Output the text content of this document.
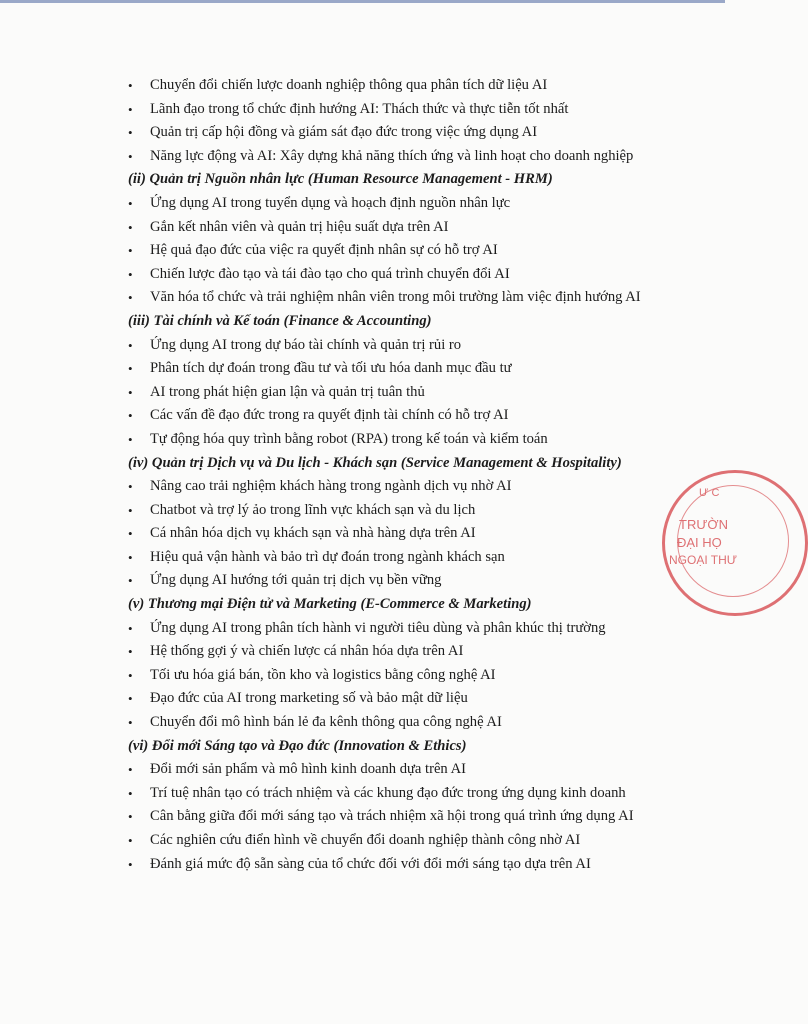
• Chuyển đổi chiến lược doanh nghiệp thông qua phân tích dữ liệu AI
• Lãnh đạo trong tổ chức định hướng AI: Thách thức và thực tiễn tốt nhất
• Quản trị cấp hội đồng và giám sát đạo đức trong việc ứng dụng AI
• Năng lực động và AI: Xây dựng khả năng thích ứng và linh hoạt cho doanh nghiệp
(ii) Quản trị Nguồn nhân lực (Human Resource Management - HRM)
• Ứng dụng AI trong tuyển dụng và hoạch định nguồn nhân lực
• Gắn kết nhân viên và quản trị hiệu suất dựa trên AI
• Hệ quả đạo đức của việc ra quyết định nhân sự có hỗ trợ AI
• Chiến lược đào tạo và tái đào tạo cho quá trình chuyển đổi AI
• Văn hóa tổ chức và trải nghiệm nhân viên trong môi trường làm việc định hướng AI
(iii) Tài chính và Kế toán (Finance & Accounting)
• Ứng dụng AI trong dự báo tài chính và quản trị rủi ro
• Phân tích dự đoán trong đầu tư và tối ưu hóa danh mục đầu tư
• AI trong phát hiện gian lận và quản trị tuân thủ
• Các vấn đề đạo đức trong ra quyết định tài chính có hỗ trợ AI
• Tự động hóa quy trình bằng robot (RPA) trong kế toán và kiểm toán
(iv) Quản trị Dịch vụ và Du lịch - Khách sạn (Service Management & Hospitality)
• Nâng cao trải nghiệm khách hàng trong ngành dịch vụ nhờ AI
• Chatbot và trợ lý ảo trong lĩnh vực khách sạn và du lịch
• Cá nhân hóa dịch vụ khách sạn và nhà hàng dựa trên AI
• Hiệu quả vận hành và bảo trì dự đoán trong ngành khách sạn
• Ứng dụng AI hướng tới quản trị dịch vụ bền vững
(v) Thương mại Điện tử và Marketing (E-Commerce & Marketing)
• Ứng dụng AI trong phân tích hành vi người tiêu dùng và phân khúc thị trường
• Hệ thống gợi ý và chiến lược cá nhân hóa dựa trên AI
• Tối ưu hóa giá bán, tồn kho và logistics bằng công nghệ AI
• Đạo đức của AI trong marketing số và bảo mật dữ liệu
• Chuyển đổi mô hình bán lẻ đa kênh thông qua công nghệ AI
(vi) Đổi mới Sáng tạo và Đạo đức (Innovation & Ethics)
• Đổi mới sản phẩm và mô hình kinh doanh dựa trên AI
• Trí tuệ nhân tạo có trách nhiệm và các khung đạo đức trong ứng dụng kinh doanh
• Cân bằng giữa đổi mới sáng tạo và trách nhiệm xã hội trong quá trình ứng dụng AI
• Các nghiên cứu điển hình về chuyển đổi doanh nghiệp thành công nhờ AI
• Đánh giá mức độ sẵn sàng của tổ chức đối với đổi mới sáng tạo dựa trên AI
Ư C
TRƯỜN
ĐẠI HỌ
NGOẠI THƯ
